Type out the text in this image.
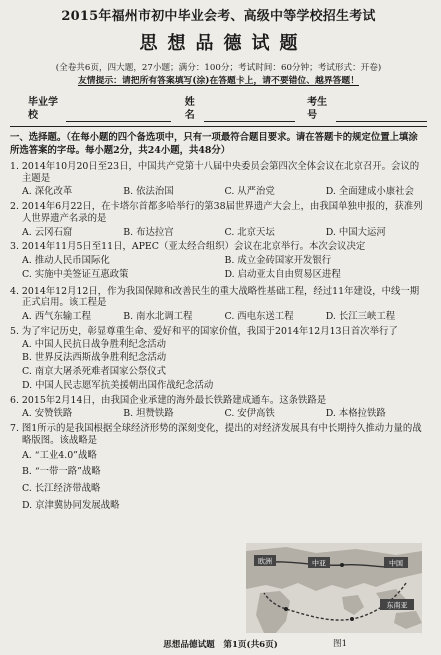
2015年福州市初中毕业会考、高级中等学校招生考试
思想品德试题
(全卷共6页，四大题，27小题；满分：100分；考试时间：60分钟；考试形式：开卷)
友情提示：请把所有答案填写(涂)在答题卡上，请不要错位、越界答题！
毕业学校
姓名
考生号
一、选择题。（在每小题的四个备选项中，只有一项最符合题目要求。请在答题卡的规定位置上填涂所选答案的字母。每小题2分，共24小题，共48分）
1. 2014年10月20日至23日，中国共产党第十八届中央委员会第四次全体会议在北京召开。会议的主题是
A. 深化改革	B. 依法治国	C. 从严治党	D. 全面建成小康社会
2. 2014年6月22日，在卡塔尔首都多哈举行的第38届世界遗产大会上，由我国单独申报的，获准列人世界遗产名录的是
A. 云冈石窟	B. 布达拉宫	C. 北京天坛	D. 中国大运河
3. 2014年11月5日至11日，APEC（亚太经合组织）会议在北京举行。本次会议决定
A. 推动人民币国际化	B. 成立金砖国家开发银行
C. 实施中美签证互惠政策	D. 启动亚太自由贸易区进程
4. 2014年12月12日，作为我国保障和改善民生的重大战略性基础工程，经过11年建设，中线一期正式启用。该工程是
A. 西气东输工程	B. 南水北调工程	C. 西电东送工程	D. 长江三峡工程
5. 为了牢记历史，彰显尊重生命、爱好和平的国家价值，我国于2014年12月13日首次举行了
A. 中国人民抗日战争胜利纪念活动
B. 世界反法西斯战争胜利纪念活动
C. 南京大屠杀死难者国家公祭仪式
D. 中国人民志愿军抗美援朝出国作战纪念活动
6. 2015年2月14日，由我国企业承建的海外最长铁路建成通车。这条铁路是
A. 安赞铁路	B. 坦赞铁路	C. 安伊高铁	D. 本格拉铁路
7. 图1所示的是我国根据全球经济形势的深刻变化，提出的对经济发展具有中长期持久推动力量的战略版图。该战略是
A. “工业4.0”战略
B. “一带一路”战略
C. 长江经济带战略
D. 京津冀协同发展战略
欧洲	中亚	中国
东南亚
图1
思想品德试题　第1页(共6页)
